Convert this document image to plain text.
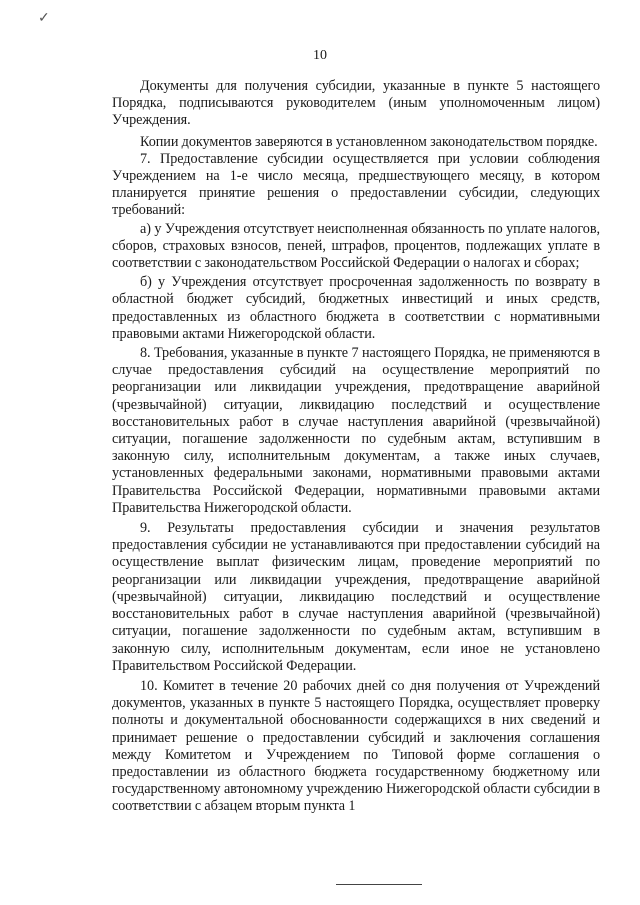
✓
10

Документы для получения субсидии, указанные в пункте 5 настоящего Порядка, подписываются руководителем (иным уполномоченным лицом) Учреждения.

Копии документов заверяются в установленном законодательством порядке.

7. Предоставление субсидии осуществляется при условии соблюдения Учреждением на 1-е число месяца, предшествующего месяцу, в котором планируется принятие решения о предоставлении субсидии, следующих требований:

а) у Учреждения отсутствует неисполненная обязанность по уплате налогов, сборов, страховых взносов, пеней, штрафов, процентов, подлежащих уплате в соответствии с законодательством Российской Федерации о налогах и сборах;

б) у Учреждения отсутствует просроченная задолженность по возврату в областной бюджет субсидий, бюджетных инвестиций и иных средств, предоставленных из областного бюджета в соответствии с нормативными правовыми актами Нижегородской области.

8. Требования, указанные в пункте 7 настоящего Порядка, не применяются в случае предоставления субсидий на осуществление мероприятий по реорганизации или ликвидации учреждения, предотвращение аварийной (чрезвычайной) ситуации, ликвидацию последствий и осуществление восстановительных работ в случае наступления аварийной (чрезвычайной) ситуации, погашение задолженности по судебным актам, вступившим в законную силу, исполнительным документам, а также иных случаев, установленных федеральными законами, нормативными правовыми актами Правительства Российской Федерации, нормативными правовыми актами Правительства Нижегородской области.

9. Результаты предоставления субсидии и значения результатов предоставления субсидии не устанавливаются при предоставлении субсидий на осуществление выплат физическим лицам, проведение мероприятий по реорганизации или ликвидации учреждения, предотвращение аварийной (чрезвычайной) ситуации, ликвидацию последствий и осуществление восстановительных работ в случае наступления аварийной (чрезвычайной) ситуации, погашение задолженности по судебным актам, вступившим в законную силу, исполнительным документам, если иное не установлено Правительством Российской Федерации.

10. Комитет в течение 20 рабочих дней со дня получения от Учреждений документов, указанных в пункте 5 настоящего Порядка, осуществляет проверку полноты и документальной обоснованности содержащихся в них сведений и принимает решение о предоставлении субсидий и заключения соглашения между Комитетом и Учреждением по Типовой форме соглашения о предоставлении из областного бюджета государственному бюджетному или государственному автономному учреждению Нижегородской области субсидии в соответствии с абзацем вторым пункта 1
